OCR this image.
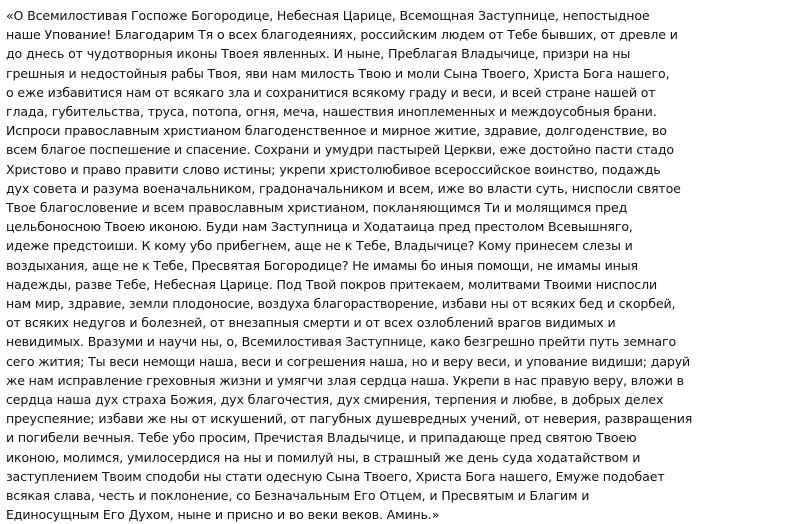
«О Всемилостивая Госпоже Богородице, Небесная Царице, Всемощная Заступнице, непостыдное
наше Упование! Благодарим Тя о всех благодеяниях, российским людем от Тебе бывших, от древле и
до днесь от чудотворныя иконы Твоея явленных. И ныне, Преблагая Владычице, призри на ны
грешныя и недостойныя рабы Твоя, яви нам милость Твою и моли Сына Твоего, Христа Бога нашего,
о еже избавитися нам от всякаго зла и сохранитися всякому граду и веси, и всей стране нашей от
глада, губительства, труса, потопа, огня, меча, нашествия иноплеменных и междоусобныя брани.
Испроси православным христианом благоденственное и мирное житие, здравие, долгоденствие, во
всем благое поспешение и спасение. Сохрани и умудри пастырей Церкви, еже достойно пасти стадо
Христово и право правити слово истины; укрепи христолюбивое всероссийское воинство, подаждь
дух совета и разума военачальником, градоначальником и всем, иже во власти суть, ниспосли святое
Твое благословение и всем православным христианом, покланяющимся Ти и молящимся пред
цельбоносною Твоею иконою. Буди нам Заступница и Ходатаица пред престолом Всевышняго,
идеже предстоиши. К кому убо прибегнем, аще не к Тебе, Владычице? Кому принесем слезы и
воздыхания, аще не к Тебе, Пресвятая Богородице? Не имамы бо иныя помощи, не имамы иныя
надежды, разве Тебе, Небесная Царице. Под Твой покров притекаем, молитвами Твоими ниспосли
нам мир, здравие, земли плодоносие, воздуха благорастворение, избави ны от всяких бед и скорбей,
от всяких недугов и болезней, от внезапныя смерти и от всех озлоблений врагов видимых и
невидимых. Вразуми и научи ны, о, Всемилостивая Заступнице, како безгрешно прейти путь земнаго
сего жития; Ты веси немощи наша, веси и согрешения наша, но и веру веси, и упование видиши; даруй
же нам исправление греховныя жизни и умягчи злая сердца наша. Укрепи в нас правую веру, вложи в
сердца наша дух страха Божия, дух благочестия, дух смирения, терпения и любве, в добрых делех
преуспеяние; избави же ны от искушений, от пагубных душевредных учений, от неверия, развращения
и погибели вечныя. Тебе убо просим, Пречистая Владычице, и припадающе пред святою Твоею
иконою, молимся, умилосердися на ны и помилуй ны, в страшный же день суда ходатайством и
заступлением Твоим сподоби ны стати одесную Сына Твоего, Христа Бога нашего, Емуже подобает
всякая слава, честь и поклонение, со Безначальным Его Отцем, и Пресвятым и Благим и
Единосущным Его Духом, ныне и присно и во веки веков. Аминь.»
